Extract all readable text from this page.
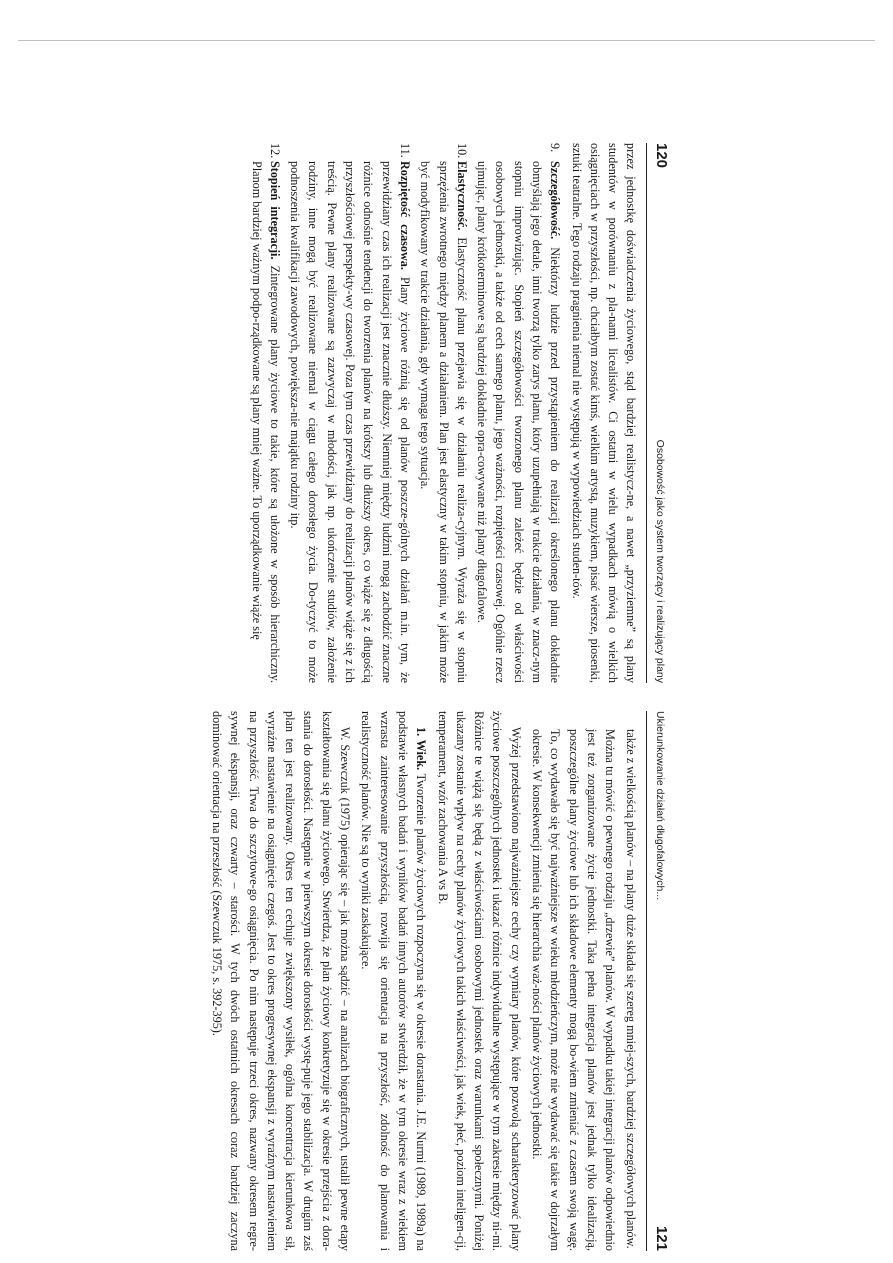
120
Osobowość jako system tworzący i realizujący plany

przez jednostkę doświadczenia życiowego, stąd bardziej realistycz-ne, a nawet „przyziemne” są plany studentów w porównaniu z pla-nami licealistów. Ci ostatni w wielu wypadkach mówią o wielkich osiągnięciach w przyszłości, np. chciałbym zostać kimś, wielkim artystą, muzykiem, pisać wiersze, piosenki, sztuki teatralne. Tego rodzaju pragnienia niemal nie występują w wypowiedziach studen-tów.

9.
Szczegółowość. Niektórzy ludzie przed przystąpieniem do realizacji określonego planu dokładnie obmyślają jego detale, inni tworzą tylko zarys planu, który uzupełniają w trakcie działania, w znacz-nym stopniu improwizując. Stopień szczegółowości tworzonego planu zależeć będzie od właściwości osobowych jednostki, a także od cech samego planu, jego ważności, rozpiętości czasowej. Ogólnie rzecz ujmując, plany krótkoterminowe są bardziej dokładnie opra-cowywane niż plany długofalowe.
10.
Elastyczność. Elastyczność planu przejawia się w działaniu realiza-cyjnym. Wyraża się w stopniu sprzężenia zwrotnego między planem a działaniem. Plan jest elastyczny w takim stopniu, w jakim może być modyfikowany w trakcie działania, gdy wymaga tego sytuacja.
11.
Rozpiętość czasowa. Plany życiowe różnią się od planów poszcze-gólnych działań m.in. tym, że przewidziany czas ich realizacji jest znacznie dłuższy. Niemniej między ludźmi mogą zachodzić znaczne różnice odnośnie tendencji do tworzenia planów na krótszy lub dłuższy okres, co wiąże się z długością przyszłościowej perspekty-wy czasowej. Poza tym czas przewidziany do realizacji planów wiąże się z ich treścią. Pewne plany realizowane są zazwyczaj w młodości, jak np. ukończenie studiów, założenie rodziny, inne mogą być realizowane niemal w ciągu całego dorosłego życia. Do-tyczyć to może podnoszenia kwalifikacji zawodowych, powiększa-nie majątku rodziny itp.
12.
Stopień integracji. Zintegrowane plany życiowe to takie, które są ułożone w sposób hierarchiczny. Planom bardziej ważnym podpo-rządkowane są plany mniej ważne. To uporządkowanie wiąże się
Ukierunkowanie działań długofalowych...
121

także z wielkością planów – na plany duże składa się szereg mniej-szych, bardziej szczegółowych planów.

Można tu mówić o pewnego rodzaju „drzewie” planów. W wypadku takiej integracji planów odpowiednio jest też zorganizowane życie jednostki. Taka pełna integracja planów jest jednak tylko idealizacją, poszczególne plany życiowe lub ich składowe elementy mogą bo-wiem zmieniać z czasem swoją wagę. To, co wydawało się być najważniejsze w wieku młodzieńczym, może nie wydawać się takie w dojrzałym okresie. W konsekwencji zmienia się hierarchia waż-ności planów życiowych jednostki.

Wyżej przedstawiono najważniejsze cechy czy wymiary planów, które pozwolą scharakteryzować plany życiowe poszczególnych jednostek i ukazać różnice indywidualne występujące w tym zakresie między ni-mi. Różnice te wiążą się będą z właściwościami osobowymi jednostek oraz warunkami społecznymi. Poniżej ukazany zostanie wpływ na cechy planów życiowych takich właściwości, jak wiek, płeć, poziom inteligen-cji, temperament, wzór zachowania A vs B.

1. Wiek. Tworzenie planów życiowych rozpoczyna się w okresie dorastania. J.E. Nurmi (1989, 1989a) na podstawie własnych badań i wyników badań innych autorów stwierdził, że w tym okresie wraz z wiekiem wzrasta zainteresowanie przyszłością, rozwija się orientacja na przyszłość, zdolność do planowania i realistyczność planów. Nie są to wyniki zaskakujące.

W. Szewczuk (1975) opierając się – jak można sądzić – na analizach biograficznych, ustalił pewne etapy kształtowania się planu życiowego. Stwierdza, że plan życiowy konkretyzuje się w okresie przejścia z dora-stania do dorosłości. Następnie w pierwszym okresie dorosłości wystę-puje jego stabilizacja. W drugim zaś plan ten jest realizowany. Okres ten cechuje zwiększony wysiłek, ogólna koncentracja kierunkowa sił, wyraźne nastawienie na osiągnięcie czegoś. Jest to okres progresywnej ekspansji z wyraźnym nastawieniem na przyszłość. Trwa do szczytowe-go osiągnięcia. Po nim następuje trzeci okres, nazwany okresem regre-sywnej ekspansji, oraz czwarty – starości. W tych dwóch ostatnich okresach coraz bardziej zaczyna dominować orientacja na przeszłość (Szewczuk 1975, s. 392-395).
